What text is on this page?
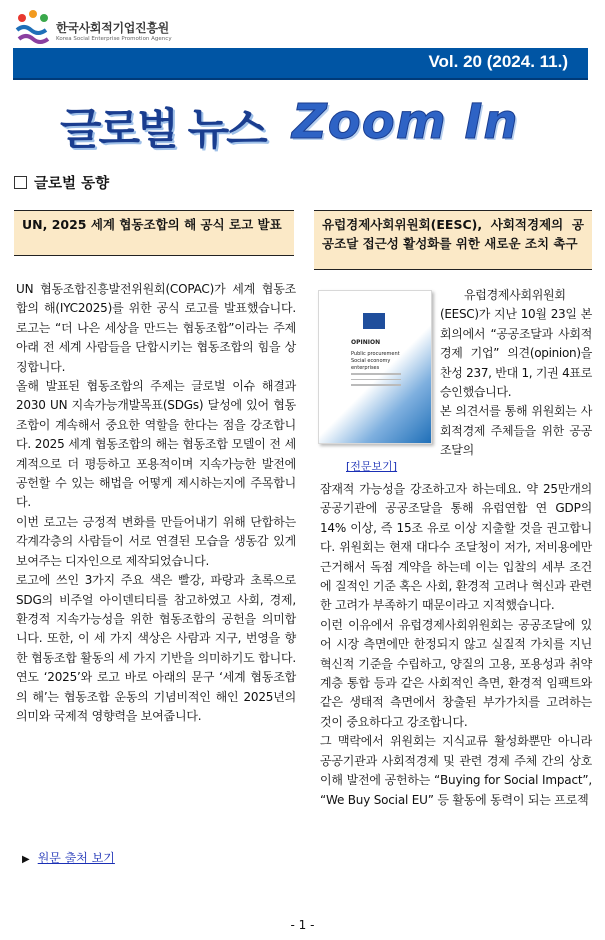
한국사회적기업진흥원
Korea Social Enterprise Promotion Agency
Vol. 20 (2024. 11.)
글로벌 뉴스 Zoom In
글로벌 동향
UN, 2025 세계 협동조합의 해 공식 로고 발표

UN 협동조합진흥발전위원회(COPAC)가 세계 협동조합의 해(IYC2025)를 위한 공식 로고를 발표했습니다. 로고는 “더 나은 세상을 만드는 협동조합”이라는 주제 아래 전 세계 사람들을 단합시키는 협동조합의 힘을 상징합니다.

올해 발표된 협동조합의 주제는 글로벌 이슈 해결과 2030 UN 지속가능개발목표(SDGs) 달성에 있어 협동조합이 계속해서 중요한 역할을 한다는 점을 강조합니다. 2025 세계 협동조합의 해는 협동조합 모델이 전 세계적으로 더 평등하고 포용적이며 지속가능한 발전에 공헌할 수 있는 해법을 어떻게 제시하는지에 주목합니다.

이번 로고는 긍정적 변화를 만들어내기 위해 단합하는 각계각층의 사람들이 서로 연결된 모습을 생동감 있게 보여주는 디자인으로 제작되었습니다.

로고에 쓰인 3가지 주요 색은 빨강, 파랑과 초록으로 SDG의 비주얼 아이덴티티를 참고하였고 사회, 경제, 환경적 지속가능성을 위한 협동조합의 공헌을 의미합니다. 또한, 이 세 가지 색상은 사람과 지구, 번영을 향한 협동조합 활동의 세 가지 기반을 의미하기도 합니다. 연도 ‘2025’와 로고 바로 아래의 문구 ‘세계 협동조합의 해’는 협동조합 운동의 기념비적인 해인 2025년의 의미와 국제적 영향력을 보여줍니다.

▶ 원문 출처 보기
유럽경제사회위원회(EESC), 사회적경제의 공공조달 접근성 활성화를 위한 새로운 조치 촉구
OPINION
Public procurement Social economy enterprises
[전문보기]

유럽경제사회위원회(EESC)가 지난 10월 23일 본 회의에서 “공공조달과 사회적경제 기업” 의견(opinion)을 찬성 237, 반대 1, 기권 4표로 승인했습니다.

본 의견서를 통해 위원회는 사회적경제 주체들을 위한 공공 조달의

잠재적 가능성을 강조하고자 하는데요. 약 25만개의 공공기관에 공공조달을 통해 유럽연합 연 GDP의 14% 이상, 즉 15조 유로 이상 지출할 것을 권고합니다. 위원회는 현재 대다수 조달청이 저가, 저비용에만 근거해서 독점 계약을 하는데 이는 입찰의 세부 조건에 질적인 기준 혹은 사회, 환경적 고려나 혁신과 관련한 고려가 부족하기 때문이라고 지적했습니다.

이런 이유에서 유럽경제사회위원회는 공공조달에 있어 시장 측면에만 한정되지 않고 실질적 가치를 지닌 혁신적 기준을 수립하고, 양질의 고용, 포용성과 취약계층 통합 등과 같은 사회적인 측면, 환경적 임팩트와 같은 생태적 측면에서 창출된 부가가치를 고려하는 것이 중요하다고 강조합니다.

그 맥락에서 위원회는 지식교류 활성화뿐만 아니라 공공기관과 사회적경제 및 관련 경제 주체 간의 상호 이해 발전에 공헌하는 “Buying for Social Impact”, “We Buy Social EU” 등 활동에 동력이 되는 프로젝

- 1 -
